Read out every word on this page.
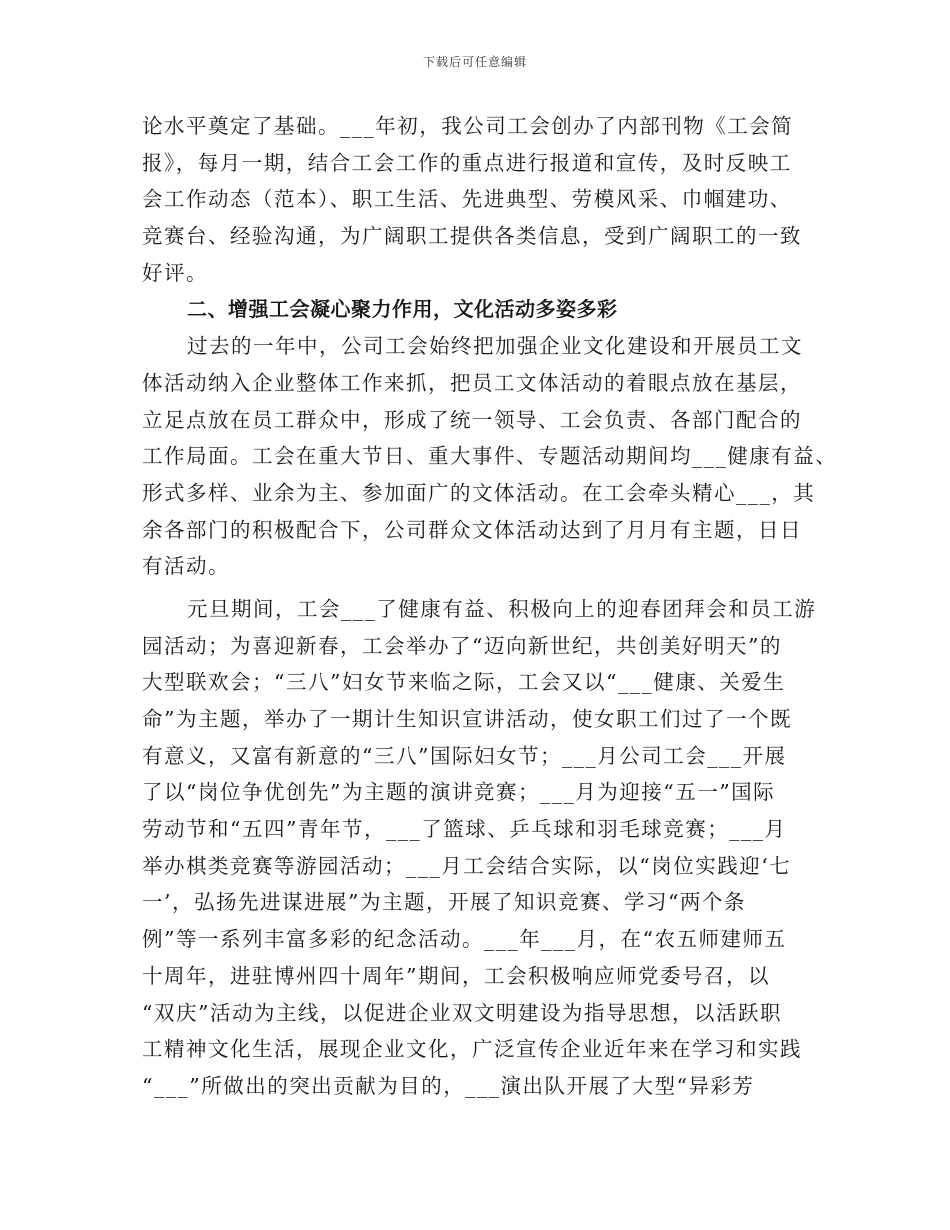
下载后可任意编辑
论水平奠定了基础。___年初，我公司工会创办了内部刊物《工会简
报》，每月一期，结合工会工作的重点进行报道和宣传，及时反映工
会工作动态（范本）、职工生活、先进典型、劳模风采、巾帼建功、
竞赛台、经验沟通，为广阔职工提供各类信息，受到广阔职工的一致
好评。
二、增强工会凝心聚力作用，文化活动多姿多彩
过去的一年中，公司工会始终把加强企业文化建设和开展员工文
体活动纳入企业整体工作来抓，把员工文体活动的着眼点放在基层，
立足点放在员工群众中，形成了统一领导、工会负责、各部门配合的
工作局面。工会在重大节日、重大事件、专题活动期间均___健康有益、
形式多样、业余为主、参加面广的文体活动。在工会牵头精心___，其
余各部门的积极配合下，公司群众文体活动达到了月月有主题，日日
有活动。
元旦期间，工会___了健康有益、积极向上的迎春团拜会和员工游
园活动；为喜迎新春，工会举办了“迈向新世纪，共创美好明天”的
大型联欢会；“三八”妇女节来临之际，工会又以“___健康、关爱生
命”为主题，举办了一期计生知识宣讲活动，使女职工们过了一个既
有意义，又富有新意的“三八”国际妇女节；___月公司工会___开展
了以“岗位争优创先”为主题的演讲竞赛；___月为迎接“五一”国际
劳动节和“五四”青年节，___了篮球、乒乓球和羽毛球竞赛；___月
举办棋类竞赛等游园活动；___月工会结合实际，以“岗位实践迎‘七
一’，弘扬先进谋进展”为主题，开展了知识竞赛、学习“两个条
例”等一系列丰富多彩的纪念活动。___年___月，在“农五师建师五
十周年，进驻博州四十周年”期间，工会积极响应师党委号召，以
“双庆”活动为主线，以促进企业双文明建设为指导思想，以活跃职
工精神文化生活，展现企业文化，广泛宣传企业近年来在学习和实践
“___”所做出的突出贡献为目的，___演出队开展了大型“异彩芳
